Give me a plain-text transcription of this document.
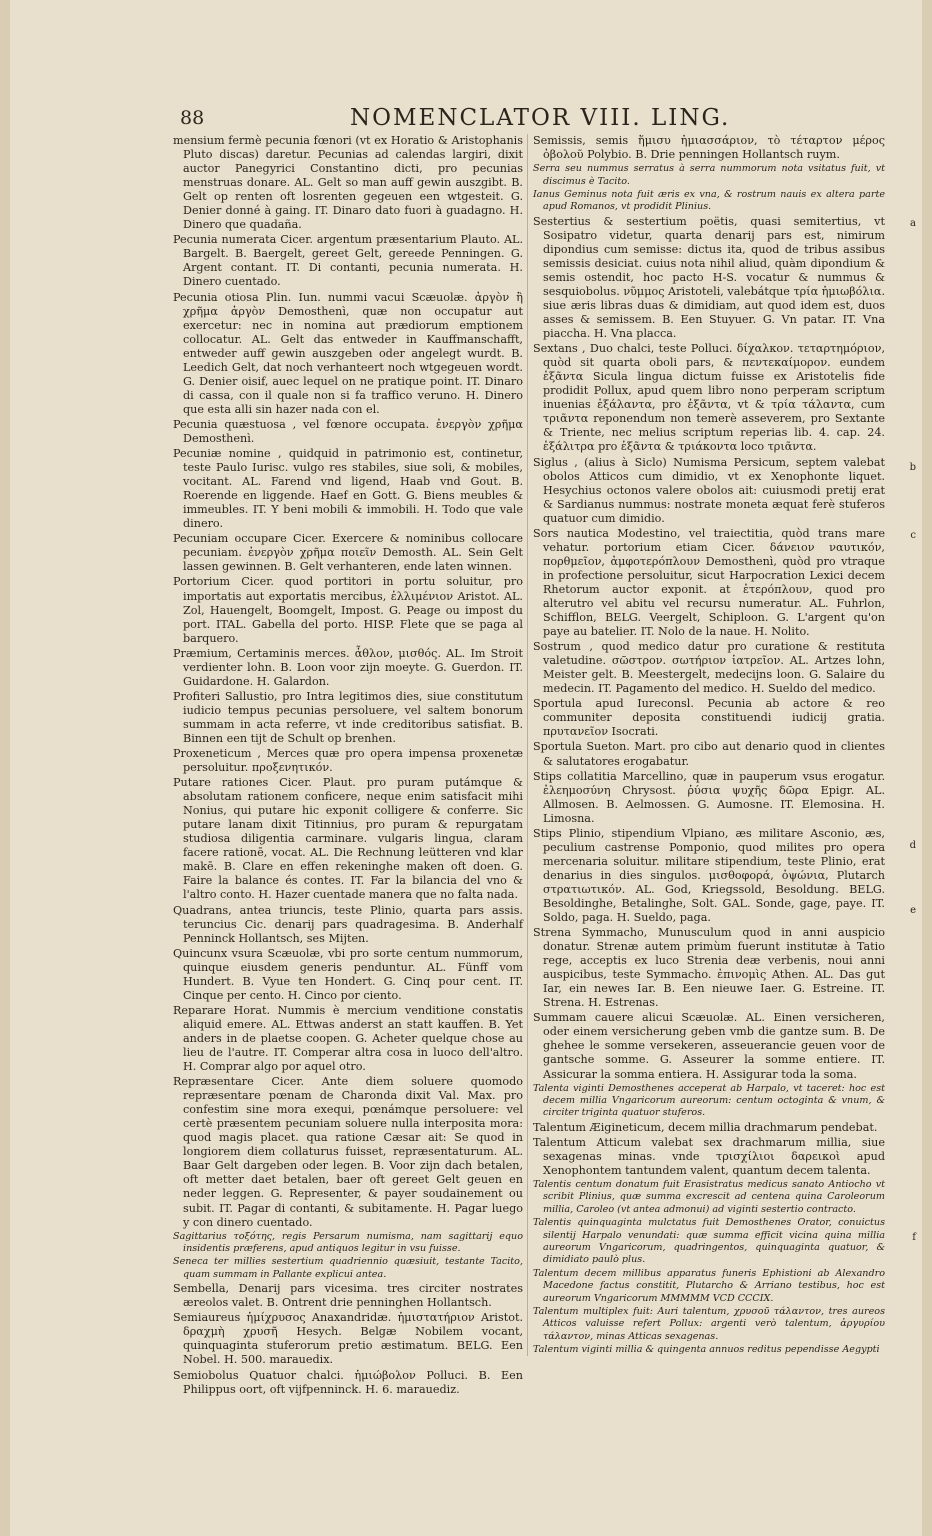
88	NOMENCLATOR VIII. LING.
mensium fermè pecunia fœnori (vt ex Horatio & Aristophanis Pluto discas) daretur. Pecunias ad calendas largiri, dixit auctor Panegyrici Constantino dicti, pro pecunias menstruas donare. AL. Gelt so man auff gewin auszgibt. B. Gelt op renten oft losrenten gegeuen een wtgesteit. G. Denier donné à gaing. IT. Dinaro dato fuori à guadagno. H. Dinero que quadaña.
Pecunia numerata Cicer. argentum præsentarium Plauto. AL. Bargelt. B. Baergelt, gereet Gelt, gereede Penningen. G. Argent contant. IT. Di contanti, pecunia numerata. H. Dinero cuentado.
Pecunia otiosa Plin. Iun. nummi vacui Scæuolæ. ἀργὸν ἢ χρῆμα ἀργὸν Demosthenì, quæ non occupatur aut exercetur: nec in nomina aut prædiorum emptionem collocatur. AL. Gelt das entweder in Kauffmanschafft, entweder auff gewin auszgeben oder angelegt wurdt. B. Leedich Gelt, dat noch verhanteert noch wtgegeuen wordt. G. Denier oisif, auec lequel on ne pratique point. IT. Dinaro di cassa, con il quale non si fa traffico veruno. H. Dinero que esta alli sin hazer nada con el.
Pecunia quæstuosa , vel fœnore occupata. ἐνεργὸν χρῆμα Demosthenì.
Pecuniæ nomine , quidquid in patrimonio est, continetur, teste Paulo Iurisc. vulgo res stabiles, siue soli, & mobiles, vocitant. AL. Farend vnd ligend, Haab vnd Gout. B. Roerende en liggende. Haef en Gott. G. Biens meubles & immeubles. IT. Y beni mobili & immobili. H. Todo que vale dinero.
Pecuniam occupare Cicer. Exercere & nominibus collocare pecuniam. ἐνεργὸν χρῆμα ποιεῖν Demosth. AL. Sein Gelt lassen gewinnen. B. Gelt verhanteren, ende laten winnen.
Portorium Cicer. quod portitori in portu soluitur, pro importatis aut exportatis mercibus, ἐλλιμένιον Aristot. AL. Zol, Hauengelt, Boomgelt, Impost. G. Peage ou impost du port. ITAL. Gabella del porto. HISP. Flete que se paga al barquero.
Præmium, Certaminis merces. ἆθλον, μισθός. AL. Im Stroit verdienter lohn. B. Loon voor zijn moeyte. G. Guerdon. IT. Guidardone. H. Galardon.
Profiteri Sallustio, pro Intra legitimos dies, siue constitutum iudicio tempus pecunias persoluere, vel saltem bonorum summam in acta referre, vt inde creditoribus satisfiat. B. Binnen een tijt de Schult op brenhen.
Proxeneticum , Merces quæ pro opera impensa proxenetæ persoluitur. προξενητικόν.
Putare rationes Cicer. Plaut. pro puram putámque & absolutam rationem conficere, neque enim satisfacit mihi Nonius, qui putare hic exponit colligere & conferre. Sic putare lanam dixit Titinnius, pro puram & repurgatam studiosa diligentia carminare. vulgaris lingua, claram facere rationē, vocat. AL. Die Rechnung leütteren vnd klar makē. B. Clare en effen rekeninghe maken oft doen. G. Faire la balance és contes. IT. Far la bilancia del vno & l'altro conto. H. Hazer cuentade manera que no falta nada.
Quadrans, antea triuncis, teste Plinio, quarta pars assis. teruncius Cic. denarij pars quadragesima. B. Anderhalf Penninck Hollantsch, ses Mijten.
Quincunx vsura Scæuolæ, vbi pro sorte centum nummorum, quinque eiusdem generis penduntur. AL. Fünff vom Hundert. B. Vyue ten Hondert. G. Cinq pour cent. IT. Cinque per cento. H. Cinco por ciento.
Reparare Horat. Nummis è mercium venditione constatis aliquid emere. AL. Ettwas anderst an statt kauffen. B. Yet anders in de plaetse coopen. G. Acheter quelque chose au lieu de l'autre. IT. Comperar altra cosa in luoco dell'altro. H. Comprar algo por aquel otro.
Repræsentare Cicer. Ante diem soluere quomodo repræsentare pœnam de Charonda dixit Val. Max. pro confestim sine mora exequi, pœnámque persoluere: vel certè præsentem pecuniam soluere nulla interposita mora: quod magis placet. qua ratione Cæsar ait: Se quod in longiorem diem collaturus fuisset, repræsentaturum. AL. Baar Gelt dargeben oder legen. B. Voor zijn dach betalen, oft metter daet betalen, baer oft gereet Gelt geuen en neder leggen. G. Representer, & payer soudainement ou subit. IT. Pagar di contanti, & subitamente. H. Pagar luego y con dinero cuentado.
Sagittarius τοξότης, regis Persarum numisma, nam sagittarij equo insidentis præferens, apud antiquos legitur in vsu fuisse.
Seneca ter millies sestertium quadriennio quæsiuit, testante Tacito, quam summam in Pallante explicui antea.
Sembella, Denarij pars vicesima. tres circiter nostrates æreolos valet. B. Ontrent drie penninghen Hollantsch.
Semiaureus ἡμίχρυσος Anaxandridæ. ἡμιστατήριον Aristot. δραχμὴ χρυσῆ Hesych. Belgæ Nobilem vocant, quinquaginta stuferorum pretio æstimatum. BELG. Een Nobel. H. 500. marauedix.
Semiobolus Quatuor chalci. ἡμιώβολον Polluci. B. Een Philippus oort, oft vijfpenninck. H. 6. marauediz.
Semissis, semis ἥμισυ ἡμιασσάριον, τὸ τέταρτον μέρος ὀβολοῦ Polybio. B. Drie penningen Hollantsch ruym.
Serra seu nummus serratus à serra nummorum nota vsitatus fuit, vt discimus è Tacito.
Ianus Geminus nota fuit æris ex vna, & rostrum nauis ex altera parte apud Romanos, vt prodidit Plinius.
Sestertius & sestertium poëtis, quasi semitertius, vt Sosipatro videtur, quarta denarij pars est, nimirum dipondius cum semisse: dictus ita, quod de tribus assibus semissis desiciat. cuius nota nihil aliud, quàm dipondium & semis ostendit, hoc pacto H-S. vocatur & nummus & sesquiobolus. νῦμμος Aristoteli, valebátque τρία ἡμιωβόλια. siue æris libras duas & dimidiam, aut quod idem est, duos asses & semissem. B. Een Stuyuer. G. Vn patar. IT. Vna piaccha. H. Vna placca.
Sextans , Duo chalci, teste Polluci. δίχαλκον. τεταρτημόριον, quòd sit quarta oboli pars, & πεντεκαίμορον. eundem ἑξᾶντα Sicula lingua dictum fuisse ex Aristotelis fide prodidit Pollux, apud quem libro nono perperam scriptum inuenias ἑξάλαντα, pro ἑξᾶντα, vt & τρία τάλαντα, cum τριᾶντα reponendum non temerè asseverem, pro Sextante & Triente, nec melius scriptum reperias lib. 4. cap. 24. ἑξάλιτρα pro ἑξᾶντα & τριάκοντα loco τριᾶντα.
Siglus , (alius à Siclo) Numisma Persicum, septem valebat obolos Atticos cum dimidio, vt ex Xenophonte liquet. Hesychius octonos valere obolos ait: cuiusmodi pretij erat & Sardianus nummus: nostrate moneta æquat ferè stuferos quatuor cum dimidio.
Sors nautica Modestino, vel traiectitia, quòd trans mare vehatur. portorium etiam Cicer. δάνειον ναυτικόν, πορθμεῖον, ἀμφοτερόπλουν Demosthenì, quòd pro vtraque in profectione persoluitur, sicut Harpocration Lexici decem Rhetorum auctor exponit. at ἑτερόπλουν, quod pro alterutro vel abitu vel recursu numeratur. AL. Fuhrlon, Schifflon, BELG. Veergelt, Schiploon. G. L'argent qu'on paye au batelier. IT. Nolo de la naue. H. Nolito.
Sostrum , quod medico datur pro curatione & restituta valetudine. σῶστρον. σωτήριον ἰατρεῖον. AL. Artzes lohn, Meister gelt. B. Meestergelt, medecijns loon. G. Salaire du medecin. IT. Pagamento del medico. H. Sueldo del medico.
Sportula apud Iureconsl. Pecunia ab actore & reo communiter deposita constituendi iudicij gratia. πρυτανεῖον Isocrati.
Sportula Sueton. Mart. pro cibo aut denario quod in clientes & salutatores erogabatur.
Stips collatitia Marcellino, quæ in pauperum vsus erogatur. ἐλεημοσύνη Chrysost. ῥύσια ψυχῆς δῶρα Epigr. AL. Allmosen. B. Aelmossen. G. Aumosne. IT. Elemosina. H. Limosna.
Stips Plinio, stipendium Vlpiano, æs militare Asconio, æs, peculium castrense Pomponio, quod milites pro opera mercenaria soluitur. militare stipendium, teste Plinio, erat denarius in dies singulos. μισθοφορά, ὀψώνια, Plutarch στρατιωτικόν. AL. God, Kriegssold, Besoldung. BELG. Besoldinghe, Betalinghe, Solt. GAL. Sonde, gage, paye. IT. Soldo, paga. H. Sueldo, paga.
Strena Symmacho, Munusculum quod in anni auspicio donatur. Strenæ autem primùm fuerunt institutæ à Tatio rege, acceptis ex luco Strenia deæ verbenis, noui anni auspicibus, teste Symmacho. ἐπινομὶς Athen. AL. Das gut Iar, ein newes Iar. B. Een nieuwe Iaer. G. Estreine. IT. Strena. H. Estrenas.
Summam cauere alicui Scæuolæ. AL. Einen versicheren, oder einem versicherung geben vmb die gantze sum. B. De ghehee le somme versekeren, asseuerancie geuen voor de gantsche somme. G. Asseurer la somme entiere. IT. Assicurar la somma entiera. H. Assigurar toda la soma.
Talenta viginti Demosthenes acceperat ab Harpalo, vt taceret: hoc est decem millia Vngaricorum aureorum: centum octoginta & vnum, & circiter triginta quatuor stuferos.
Talentum Æigineticum, decem millia drachmarum pendebat.
Talentum Atticum valebat sex drachmarum millia, siue sexagenas minas. vnde τρισχίλιοι δαρεικοὶ apud Xenophontem tantundem valent, quantum decem talenta.
Talentis centum donatum fuit Erasistratus medicus sanato Antiocho vt scribit Plinius, quæ summa excrescit ad centena quina Caroleorum millia, Caroleo (vt antea admonui) ad viginti sestertio contracto.
Talentis quinquaginta mulctatus fuit Demosthenes Orator, conuictus silentij Harpalo venundati: quæ summa efficit vicina quina millia aureorum Vngaricorum, quadringentos, quinquaginta quatuor, & dimidiato paulò plus.
Talentum decem millibus apparatus funeris Ephistioni ab Alexandro Macedone factus constitit, Plutarcho & Arriano testibus, hoc est aureorum Vngaricorum MMMMM VCD CCCIX.
Talentum multiplex fuit: Auri talentum, χρυσοῦ τάλαντον, tres aureos Atticos valuisse refert Pollux: argenti verò talentum, ἀργυρίου τάλαντον, minas Atticas sexagenas.
Talentum viginti millia & quingenta annuos reditus pependisse Aegypti
a
b
c
d
e
f
